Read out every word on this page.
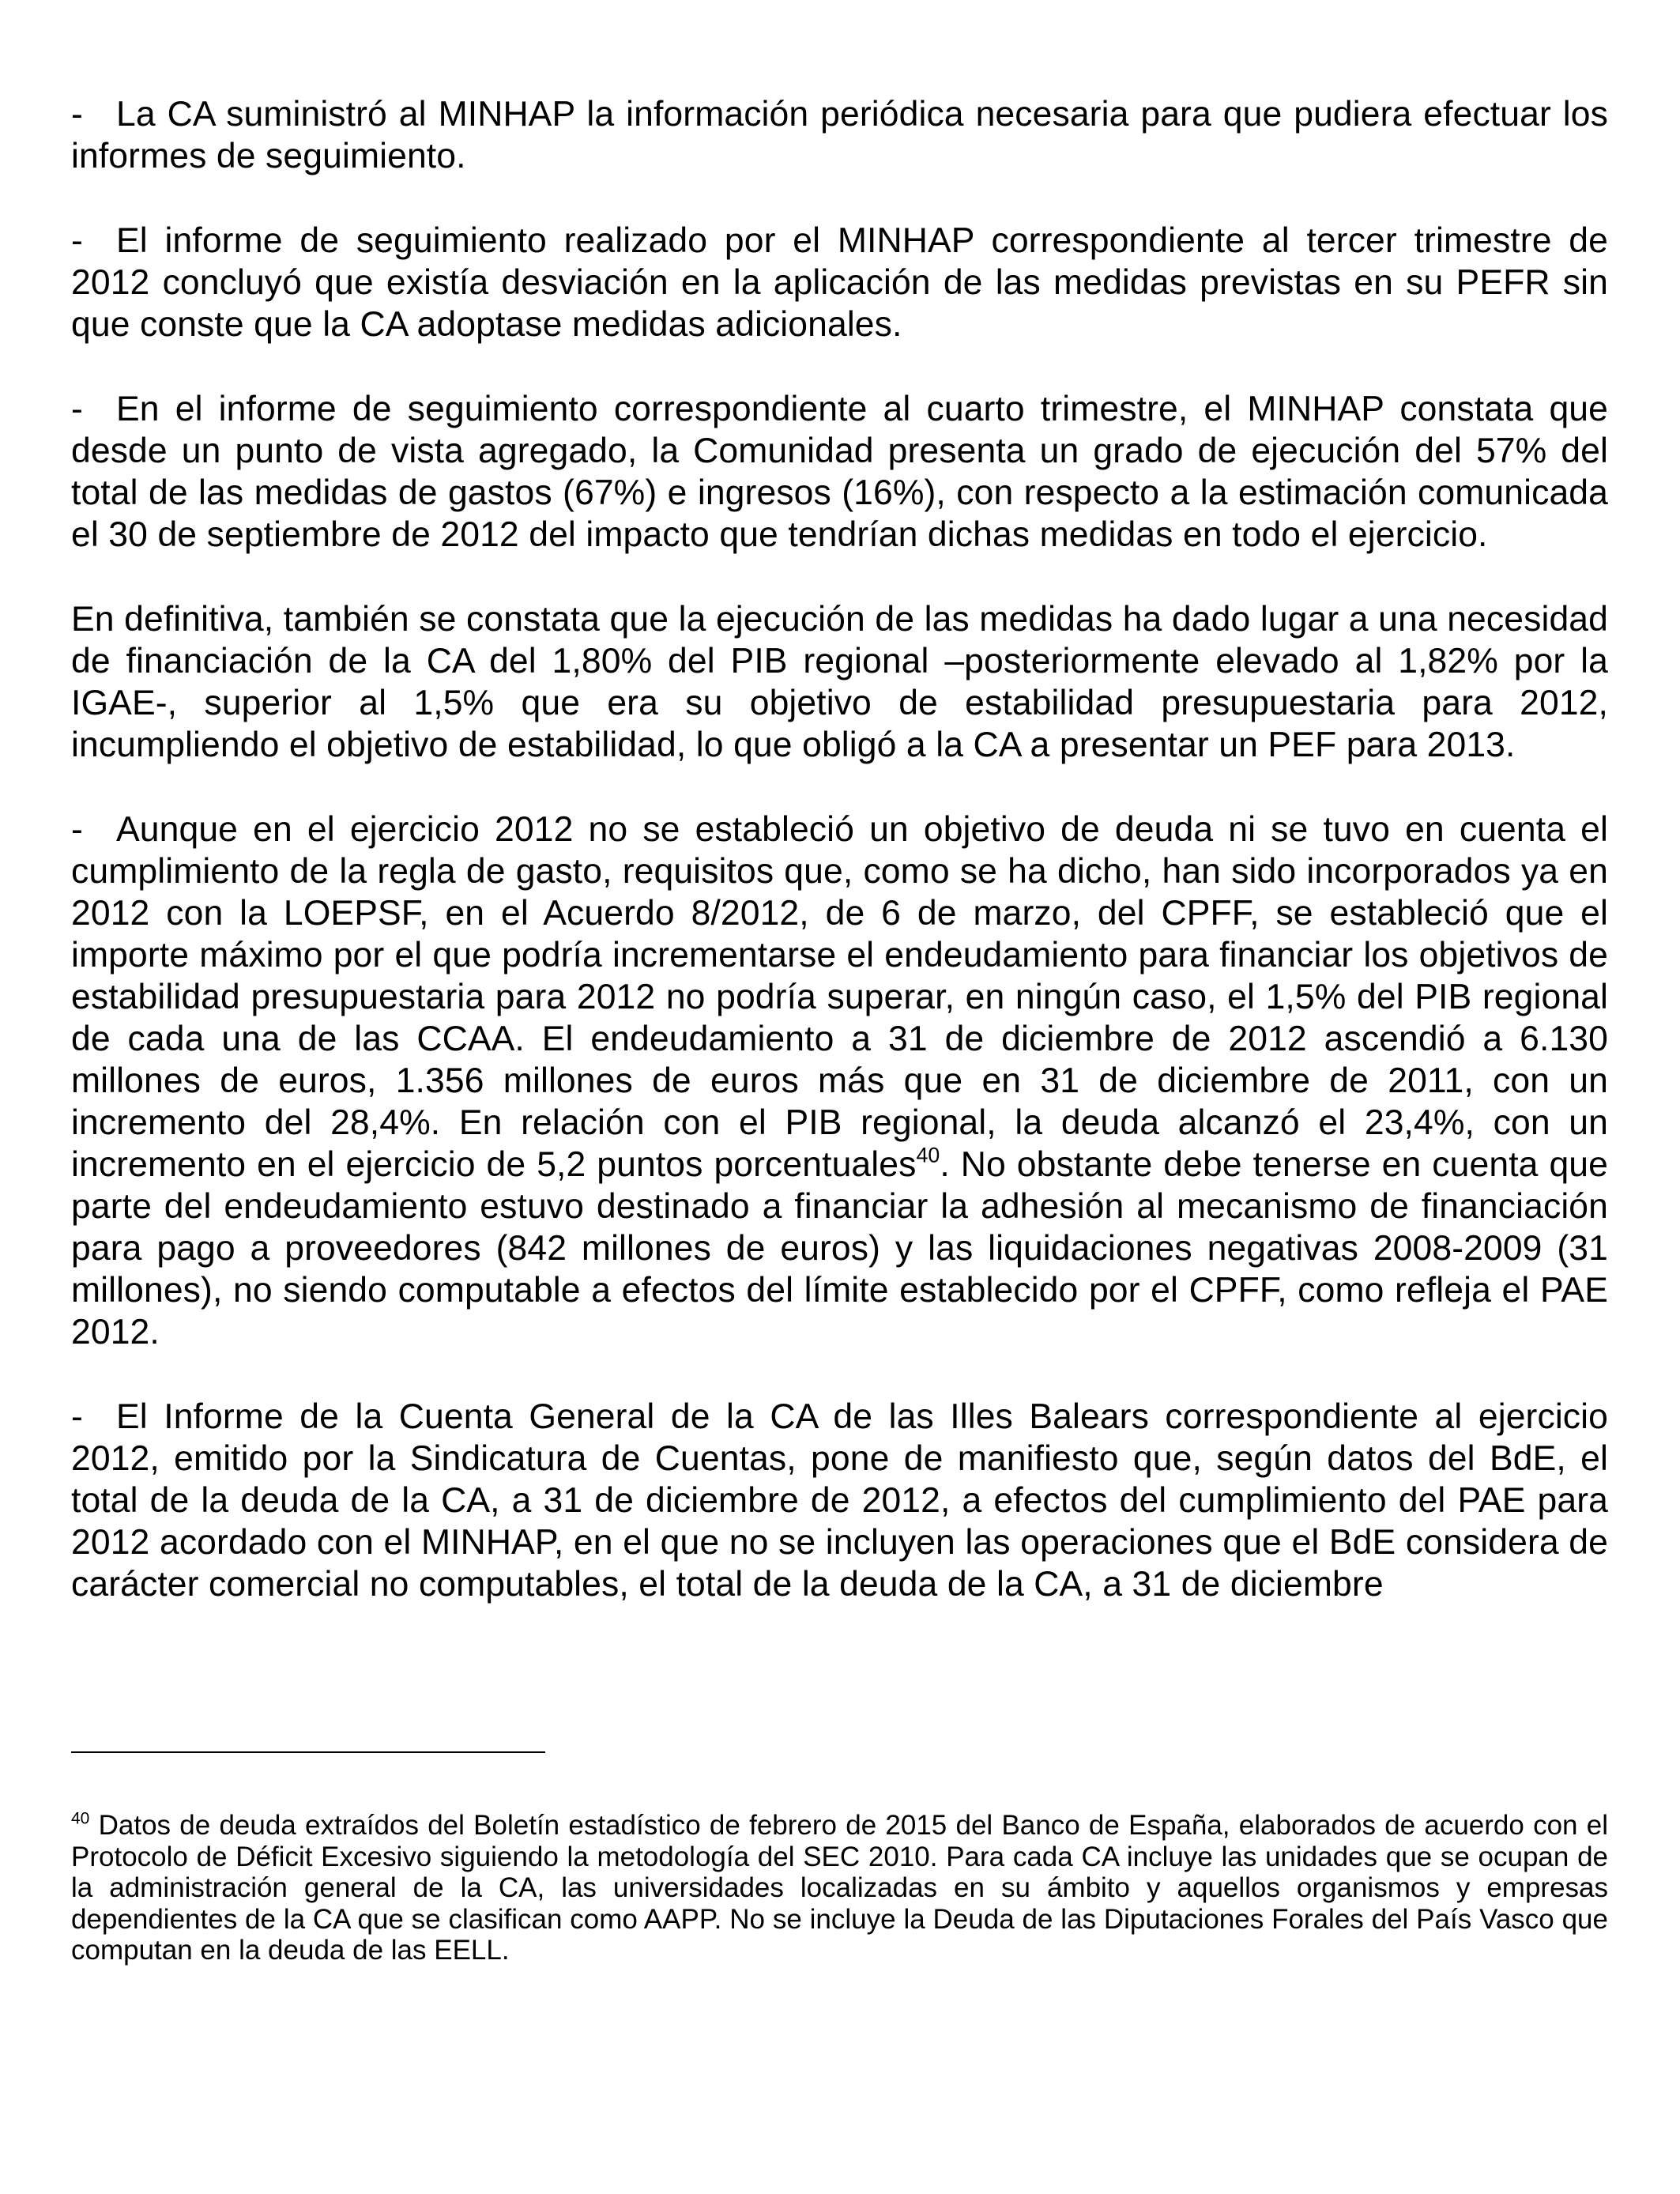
- La CA suministró al MINHAP la información periódica necesaria para que pudiera efectuar los informes de seguimiento.

- El informe de seguimiento realizado por el MINHAP correspondiente al tercer trimestre de 2012 concluyó que existía desviación en la aplicación de las medidas previstas en su PEFR sin que conste que la CA adoptase medidas adicionales.

- En el informe de seguimiento correspondiente al cuarto trimestre, el MINHAP constata que desde un punto de vista agregado, la Comunidad presenta un grado de ejecución del 57% del total de las medidas de gastos (67%) e ingresos (16%), con respecto a la estimación comunicada el 30 de septiembre de 2012 del impacto que tendrían dichas medidas en todo el ejercicio.

En definitiva, también se constata que la ejecución de las medidas ha dado lugar a una necesidad de financiación de la CA del 1,80% del PIB regional –posteriormente elevado al 1,82% por la IGAE-, superior al 1,5% que era su objetivo de estabilidad presupuestaria para 2012, incumpliendo el objetivo de estabilidad, lo que obligó a la CA a presentar un PEF para 2013.

- Aunque en el ejercicio 2012 no se estableció un objetivo de deuda ni se tuvo en cuenta el cumplimiento de la regla de gasto, requisitos que, como se ha dicho, han sido incorporados ya en 2012 con la LOEPSF, en el Acuerdo 8/2012, de 6 de marzo, del CPFF, se estableció que el importe máximo por el que podría incrementarse el endeudamiento para financiar los objetivos de estabilidad presupuestaria para 2012 no podría superar, en ningún caso, el 1,5% del PIB regional de cada una de las CCAA. El endeudamiento a 31 de diciembre de 2012 ascendió a 6.130 millones de euros, 1.356 millones de euros más que en 31 de diciembre de 2011, con un incremento del 28,4%. En relación con el PIB regional, la deuda alcanzó el 23,4%, con un incremento en el ejercicio de 5,2 puntos porcentuales$^{40}$. No obstante debe tenerse en cuenta que parte del endeudamiento estuvo destinado a financiar la adhesión al mecanismo de financiación para pago a proveedores (842 millones de euros) y las liquidaciones negativas 2008-2009 (31 millones), no siendo computable a efectos del límite establecido por el CPFF, como refleja el PAE 2012.

- El Informe de la Cuenta General de la CA de las Illes Balears correspondiente al ejercicio 2012, emitido por la Sindicatura de Cuentas, pone de manifiesto que, según datos del BdE, el total de la deuda de la CA, a 31 de diciembre de 2012, a efectos del cumplimiento del PAE para 2012 acordado con el MINHAP, en el que no se incluyen las operaciones que el BdE considera de carácter comercial no computables, el total de la deuda de la CA, a 31 de diciembre

$^{40}$ Datos de deuda extraídos del Boletín estadístico de febrero de 2015 del Banco de España, elaborados de acuerdo con el Protocolo de Déficit Excesivo siguiendo la metodología del SEC 2010. Para cada CA incluye las unidades que se ocupan de la administración general de la CA, las universidades localizadas en su ámbito y aquellos organismos y empresas dependientes de la CA que se clasifican como AAPP. No se incluye la Deuda de las Diputaciones Forales del País Vasco que computan en la deuda de las EELL.
